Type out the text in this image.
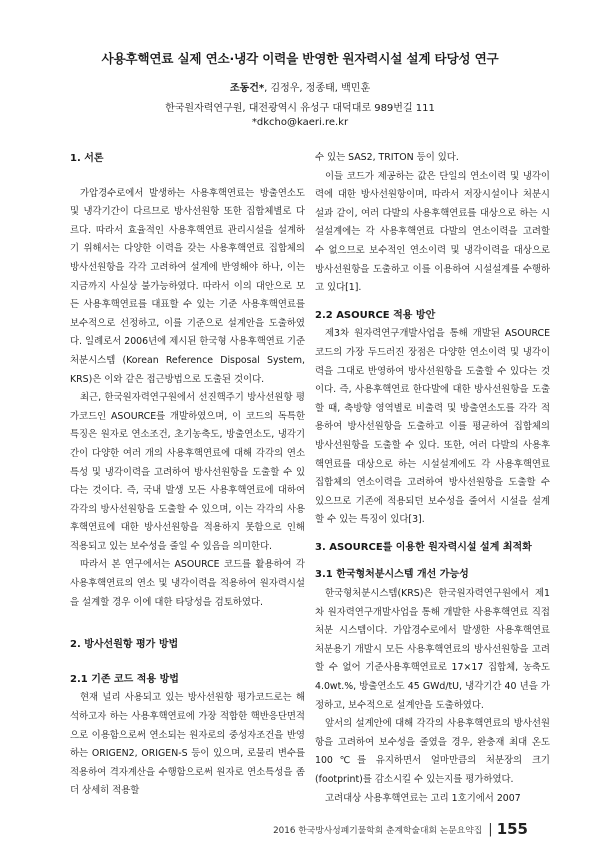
사용후핵연료 실제 연소·냉각 이력을 반영한 원자력시설 설계 타당성 연구
조동건*, 김정우, 정종태, 백민훈
한국원자력연구원, 대전광역시 유성구 대덕대로 989번길 111
*dkcho@kaeri.re.kr

1. 서론

가압경수로에서 발생하는 사용후핵연료는 방출연소도 및 냉각기간이 다르므로 방사선원항 또한 집합체별로 다르다. 따라서 효율적인 사용후핵연료 관리시설을 설계하기 위해서는 다양한 이력을 갖는 사용후핵연료 집합체의 방사선원항을 각각 고려하여 설계에 반영해야 하나, 이는 지금까지 사실상 불가능하였다. 따라서 이의 대안으로 모든 사용후핵연료를 대표할 수 있는 기준 사용후핵연료를 보수적으로 선정하고, 이를 기준으로 설계안을 도출하였다. 일례로서 2006년에 제시된 한국형 사용후핵연료 기준 처분시스템 (Korean Reference Disposal System, KRS)은 이와 같은 접근방법으로 도출된 것이다.

최근, 한국원자력연구원에서 선진핵주기 방사선원항 평가코드인 ASOURCE를 개발하였으며, 이 코드의 독특한 특징은 원자로 연소조건, 초기농축도, 방출연소도, 냉각기간이 다양한 여러 개의 사용후핵연료에 대해 각각의 연소특성 및 냉각이력을 고려하여 방사선원항을 도출할 수 있다는 것이다. 즉, 국내 발생 모든 사용후핵연료에 대하여 각각의 방사선원항을 도출할 수 있으며, 이는 각각의 사용후핵연료에 대한 방사선원항을 적용하지 못함으로 인해 적용되고 있는 보수성을 줄일 수 있음을 의미한다.

따라서 본 연구에서는 ASOURCE 코드를 활용하여 각 사용후핵연료의 연소 및 냉각이력을 적용하여 원자력시설을 설계할 경우 이에 대한 타당성을 검토하였다.

2. 방사선원항 평가 방법

2.1 기존 코드 적용 방법

현재 널리 사용되고 있는 방사선원항 평가코드로는 해석하고자 하는 사용후핵연료에 가장 적합한 핵반응단면적으로 이용함으로써 연소되는 원자로의 중성자조건을 반영하는 ORIGEN2, ORIGEN-S 등이 있으며, 로물리 변수를 적용하여 격자계산을 수행함으로써 원자로 연소특성을 좀 더 상세히 적용할

수 있는 SAS2, TRITON 등이 있다.

이들 코드가 제공하는 값은 단일의 연소이력 및 냉각이력에 대한 방사선원항이며, 따라서 저장시설이나 처분시설과 같이, 여러 다발의 사용후핵연료를 대상으로 하는 시설설계에는 각 사용후핵연료 다발의 연소이력을 고려할 수 없으므로 보수적인 연소이력 및 냉각이력을 대상으로 방사선원항을 도출하고 이를 이용하여 시설설계를 수행하고 있다[1].

2.2 ASOURCE 적용 방안

제3차 원자력연구개발사업을 통해 개발된 ASOURCE 코드의 가장 두드러진 장점은 다양한 연소이력 및 냉각이력을 그대로 반영하여 방사선원항을 도출할 수 있다는 것이다. 즉, 사용후핵연료 한다발에 대한 방사선원항을 도출할 때, 축방향 영역별로 비출력 및 방출연소도를 각각 적용하여 방사선원항을 도출하고 이를 평균하여 집합체의 방사선원항을 도출할 수 있다. 또한, 여러 다발의 사용후핵연료를 대상으로 하는 시설설계에도 각 사용후핵연료 집합체의 연소이력을 고려하여 방사선원항을 도출할 수 있으므로 기존에 적용되던 보수성을 줄여서 시설을 설계할 수 있는 특징이 있다[3].

3. ASOURCE를 이용한 원자력시설 설계 최적화

3.1 한국형처분시스템 개선 가능성

한국형처분시스템(KRS)은 한국원자력연구원에서 제1차 원자력연구개발사업을 통해 개발한 사용후핵연료 직접처분 시스템이다. 가압경수로에서 발생한 사용후핵연료 처분용기 개발시 모든 사용후핵연료의 방사선원항을 고려할 수 없어 기준사용후핵연료로 17×17 집합체, 농축도 4.0wt.%, 방출연소도 45 GWd/tU, 냉각기간 40 년을 가정하고, 보수적으로 설계안을 도출하였다.

앞서의 설계안에 대해 각각의 사용후핵연료의 방사선원항을 고려하여 보수성을 줄였을 경우, 완충재 최대 온도 100℃를 유지하면서 얼마만큼의 처분장의 크기(footprint)를 감소시킬 수 있는지를 평가하였다.

고려대상 사용후핵연료는 고리 1호기에서 2007

2016 한국방사성폐기물학회 춘계학술대회 논문요약집 | 155
